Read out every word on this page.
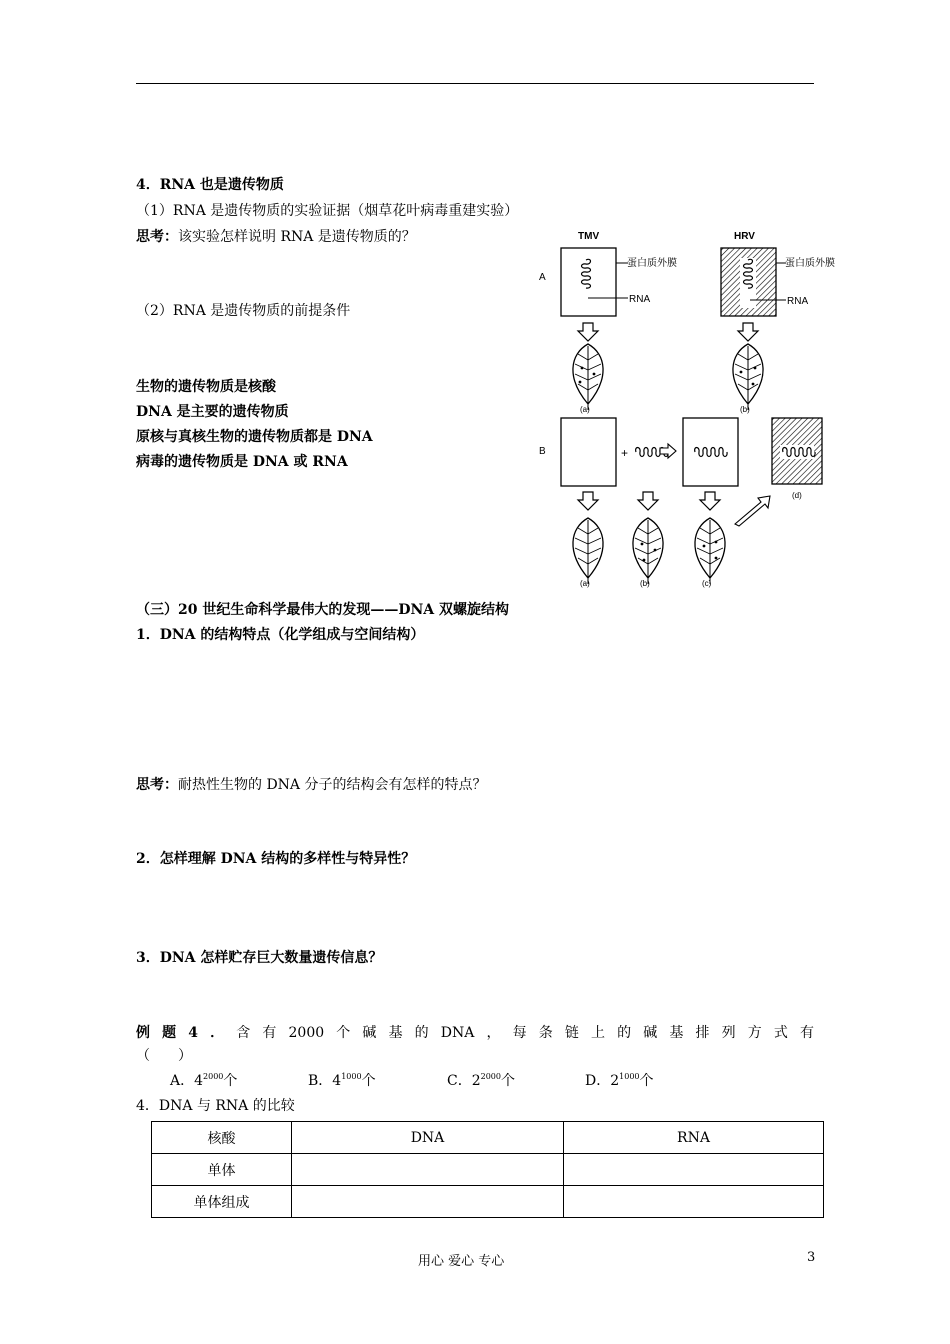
4．RNA 也是遗传物质
（1）RNA 是遗传物质的实验证据（烟草花叶病毒重建实验）
思考：该实验怎样说明 RNA 是遗传物质的？
（2）RNA 是遗传物质的前提条件
生物的遗传物质是核酸
DNA 是主要的遗传物质
原核与真核生物的遗传物质都是 DNA
病毒的遗传物质是 DNA 或 RNA
TMV	HRV
A
蛋白质外膜
RNA
蛋白质外膜
RNA
(a)	(b)
B	+
(d)
(a)	(b)	(c)
（三）20 世纪生命科学最伟大的发现——DNA 双螺旋结构
1．DNA 的结构特点（化学组成与空间结构）
思考：耐热性生物的 DNA 分子的结构会有怎样的特点？
2．怎样理解 DNA 结构的多样性与特异性？
3．DNA 怎样贮存巨大数量遗传信息？
例 题 4 ． 含 有 2000 个 碱 基 的 DNA ， 每 条 链 上 的 碱 基 排 列 方 式 有
（　　）
A．$4^{2000}$个	B．$4^{1000}$个	C．$2^{2000}$个	D．$2^{1000}$个
4．DNA 与 RNA 的比较
核酸	DNA	RNA
单体		
单体组成		
用心 爱心 专心	3
